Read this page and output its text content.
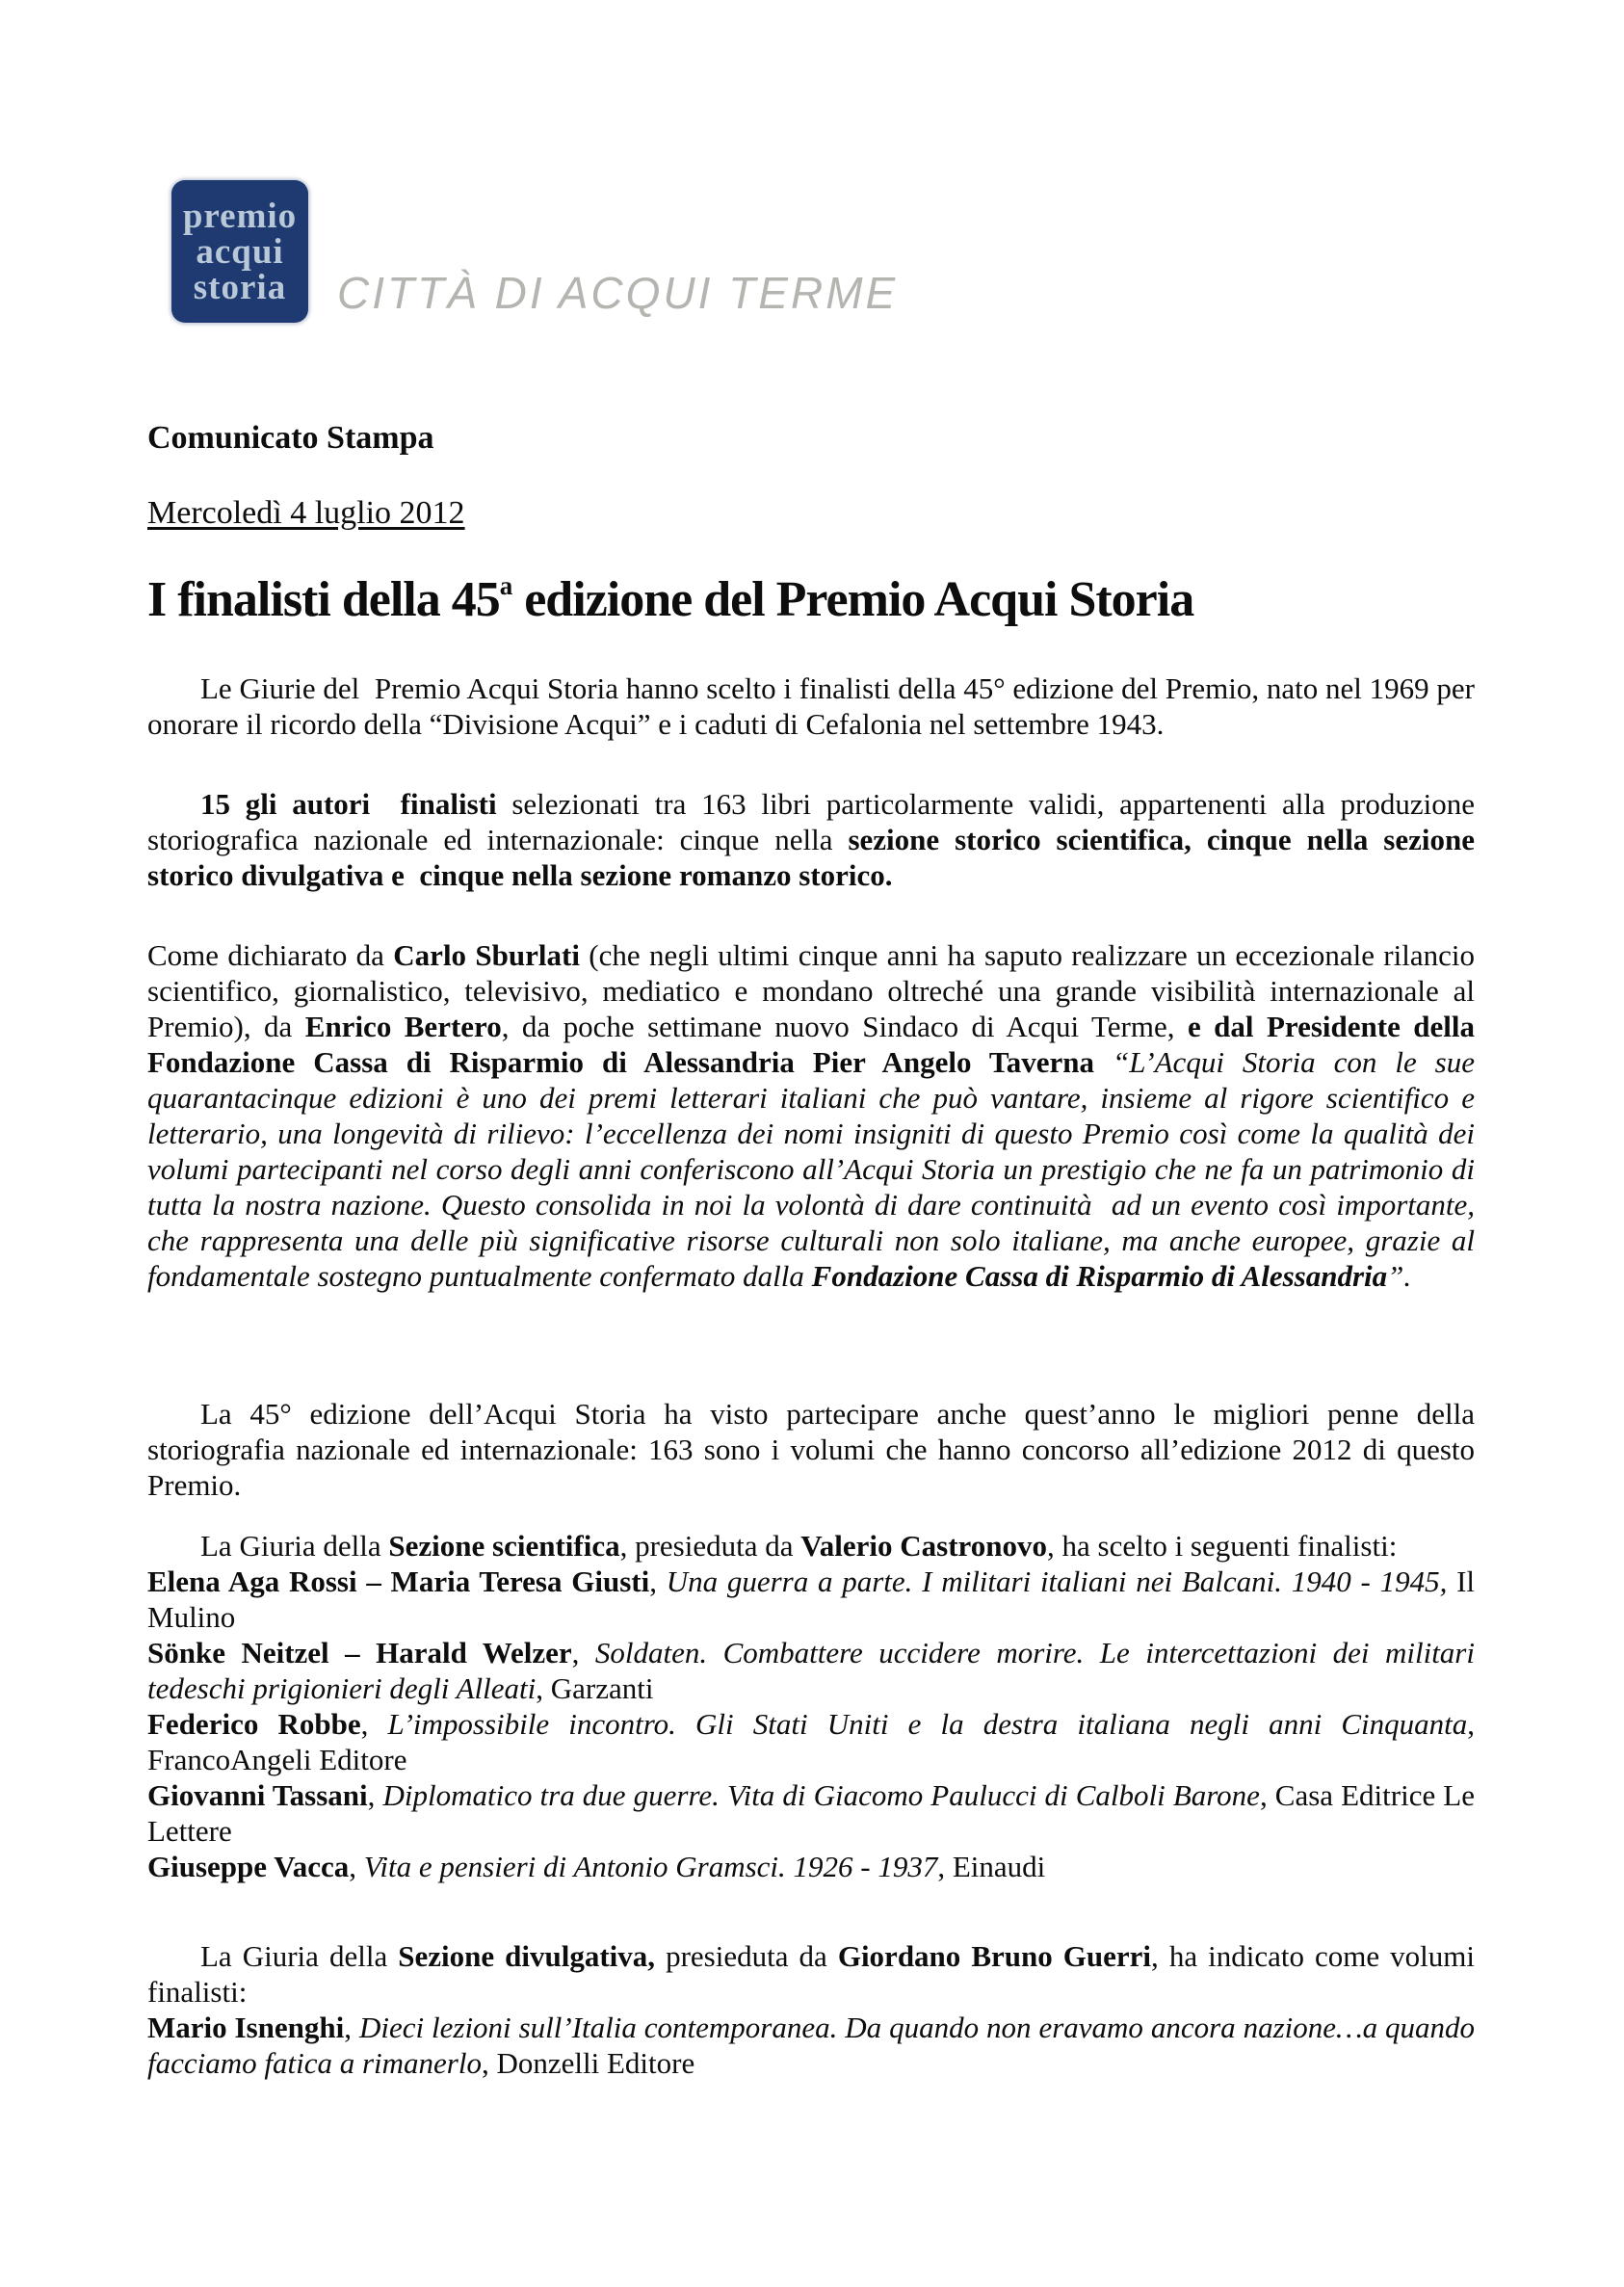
premio
acqui
storia CITTÀ DI ACQUI TERME

Comunicato Stampa

Mercoledì 4 luglio 2012

I finalisti della 45$^a$ edizione del Premio Acqui Storia

Le Giurie del  Premio Acqui Storia hanno scelto i finalisti della 45° edizione del Premio, nato nel 1969 per onorare il ricordo della “Divisione Acqui” e i caduti di Cefalonia nel settembre 1943.

15 gli autori  finalisti selezionati tra 163 libri particolarmente validi, appartenenti alla produzione storiografica nazionale ed internazionale: cinque nella sezione storico scientifica, cinque nella sezione storico divulgativa e  cinque nella sezione romanzo storico.

Come dichiarato da Carlo Sburlati (che negli ultimi cinque anni ha saputo realizzare un eccezionale rilancio scientifico, giornalistico, televisivo, mediatico e mondano oltreché una grande visibilità internazionale al Premio), da Enrico Bertero, da poche settimane nuovo Sindaco di Acqui Terme, e dal Presidente della Fondazione Cassa di Risparmio di Alessandria Pier Angelo Taverna “L’Acqui Storia con le sue quarantacinque edizioni è uno dei premi letterari italiani che può vantare, insieme al rigore scientifico e letterario, una longevità di rilievo: l’eccellenza dei nomi insigniti di questo Premio così come la qualità dei volumi partecipanti nel corso degli anni conferiscono all’Acqui Storia un prestigio che ne fa un patrimonio di tutta la nostra nazione. Questo consolida in noi la volontà di dare continuità  ad un evento così importante, che rappresenta una delle più significative risorse culturali non solo italiane, ma anche europee, grazie al fondamentale sostegno puntualmente confermato dalla Fondazione Cassa di Risparmio di Alessandria”.

La 45° edizione dell’Acqui Storia ha visto partecipare anche quest’anno le migliori penne della storiografia nazionale ed internazionale: 163 sono i volumi che hanno concorso all’edizione 2012 di questo Premio.

La Giuria della Sezione scientifica, presieduta da Valerio Castronovo, ha scelto i seguenti finalisti:

Elena Aga Rossi – Maria Teresa Giusti, Una guerra a parte. I militari italiani nei Balcani. 1940 - 1945, Il Mulino

Sönke Neitzel – Harald Welzer, Soldaten. Combattere uccidere morire. Le intercettazioni dei militari tedeschi prigionieri degli Alleati, Garzanti

Federico Robbe, L’impossibile incontro. Gli Stati Uniti e la destra italiana negli anni Cinquanta, FrancoAngeli Editore

Giovanni Tassani, Diplomatico tra due guerre. Vita di Giacomo Paulucci di Calboli Barone, Casa Editrice Le Lettere

Giuseppe Vacca, Vita e pensieri di Antonio Gramsci. 1926 - 1937, Einaudi

La Giuria della Sezione divulgativa, presieduta da Giordano Bruno Guerri, ha indicato come volumi finalisti:

Mario Isnenghi, Dieci lezioni sull’Italia contemporanea. Da quando non eravamo ancora nazione…a quando facciamo fatica a rimanerlo, Donzelli Editore
